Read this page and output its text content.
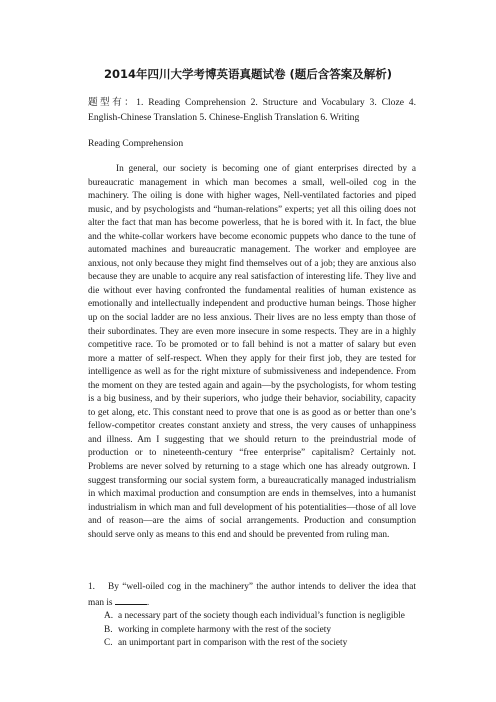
2014年四川大学考博英语真题试卷 (题后含答案及解析)
题型有：1. Reading Comprehension 2. Structure and Vocabulary 3. Cloze 4. English-Chinese Translation 5. Chinese-English Translation 6. Writing
Reading Comprehension
In general, our society is becoming one of giant enterprises directed by a bureaucratic management in which man becomes a small, well-oiled cog in the machinery. The oiling is done with higher wages, Nell-ventilated factories and piped music, and by psychologists and “human-relations” experts; yet all this oiling does not alter the fact that man has become powerless, that he is bored with it. In fact, the blue and the white-collar workers have become economic puppets who dance to the tune of automated machines and bureaucratic management. The worker and employee are anxious, not only because they might find themselves out of a job; they are anxious also because they are unable to acquire any real satisfaction of interesting life. They live and die without ever having confronted the fundamental realities of human existence as emotionally and intellectually independent and productive human beings. Those higher up on the social ladder are no less anxious. Their lives are no less empty than those of their subordinates. They are even more insecure in some respects. They are in a highly competitive race. To be promoted or to fall behind is not a matter of salary but even more a matter of self-respect. When they apply for their first job, they are tested for intelligence as well as for the right mixture of submissiveness and independence. From the moment on they are tested again and again—by the psychologists, for whom testing is a big business, and by their superiors, who judge their behavior, sociability, capacity to get along, etc. This constant need to prove that one is as good as or better than one’s fellow-competitor creates constant anxiety and stress, the very causes of unhappiness and illness. Am I suggesting that we should return to the preindustrial mode of production or to nineteenth-century “free enterprise” capitalism? Certainly not. Problems are never solved by returning to a stage which one has already outgrown. I suggest transforming our social system form, a bureaucratically managed industrialism in which maximal production and consumption are ends in themselves, into a humanist industrialism in which man and full development of his potentialities—those of all love and of reason—are the aims of social arrangements. Production and consumption should serve only as means to this end and should be prevented from ruling man.
1. By “well-oiled cog in the machinery” the author intends to deliver the idea that man is	.
A. a necessary part of the society though each individual’s function is negligible
B. working in complete harmony with the rest of the society
C. an unimportant part in comparison with the rest of the society
